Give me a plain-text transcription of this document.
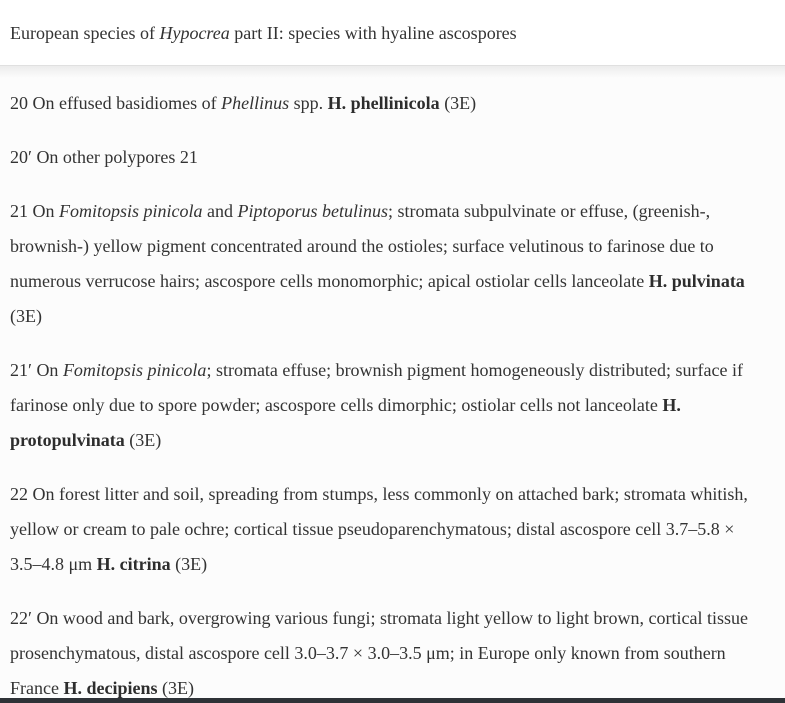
European species of Hypocrea part II: species with hyaline ascospores

20 On effused basidiomes of Phellinus spp. H. phellinicola (3E)

20′ On other polypores 21

21 On Fomitopsis pinicola and Piptoporus betulinus; stromata subpulvinate or effuse, (greenish-, brownish-) yellow pigment concentrated around the ostioles; surface velutinous to farinose due to numerous verrucose hairs; ascospore cells monomorphic; apical ostiolar cells lanceolate H. pulvinata (3E)

21′ On Fomitopsis pinicola; stromata effuse; brownish pigment homogeneously distributed; surface if farinose only due to spore powder; ascospore cells dimorphic; ostiolar cells not lanceolate H. protopulvinata (3E)

22 On forest litter and soil, spreading from stumps, less commonly on attached bark; stromata whitish, yellow or cream to pale ochre; cortical tissue pseudoparenchymatous; distal ascospore cell 3.7–5.8 × 3.5–4.8 μm H. citrina (3E)

22′ On wood and bark, overgrowing various fungi; stromata light yellow to light brown, cortical tissue prosenchymatous, distal ascospore cell 3.0–3.7 × 3.0–3.5 μm; in Europe only known from southern France H. decipiens (3E)
